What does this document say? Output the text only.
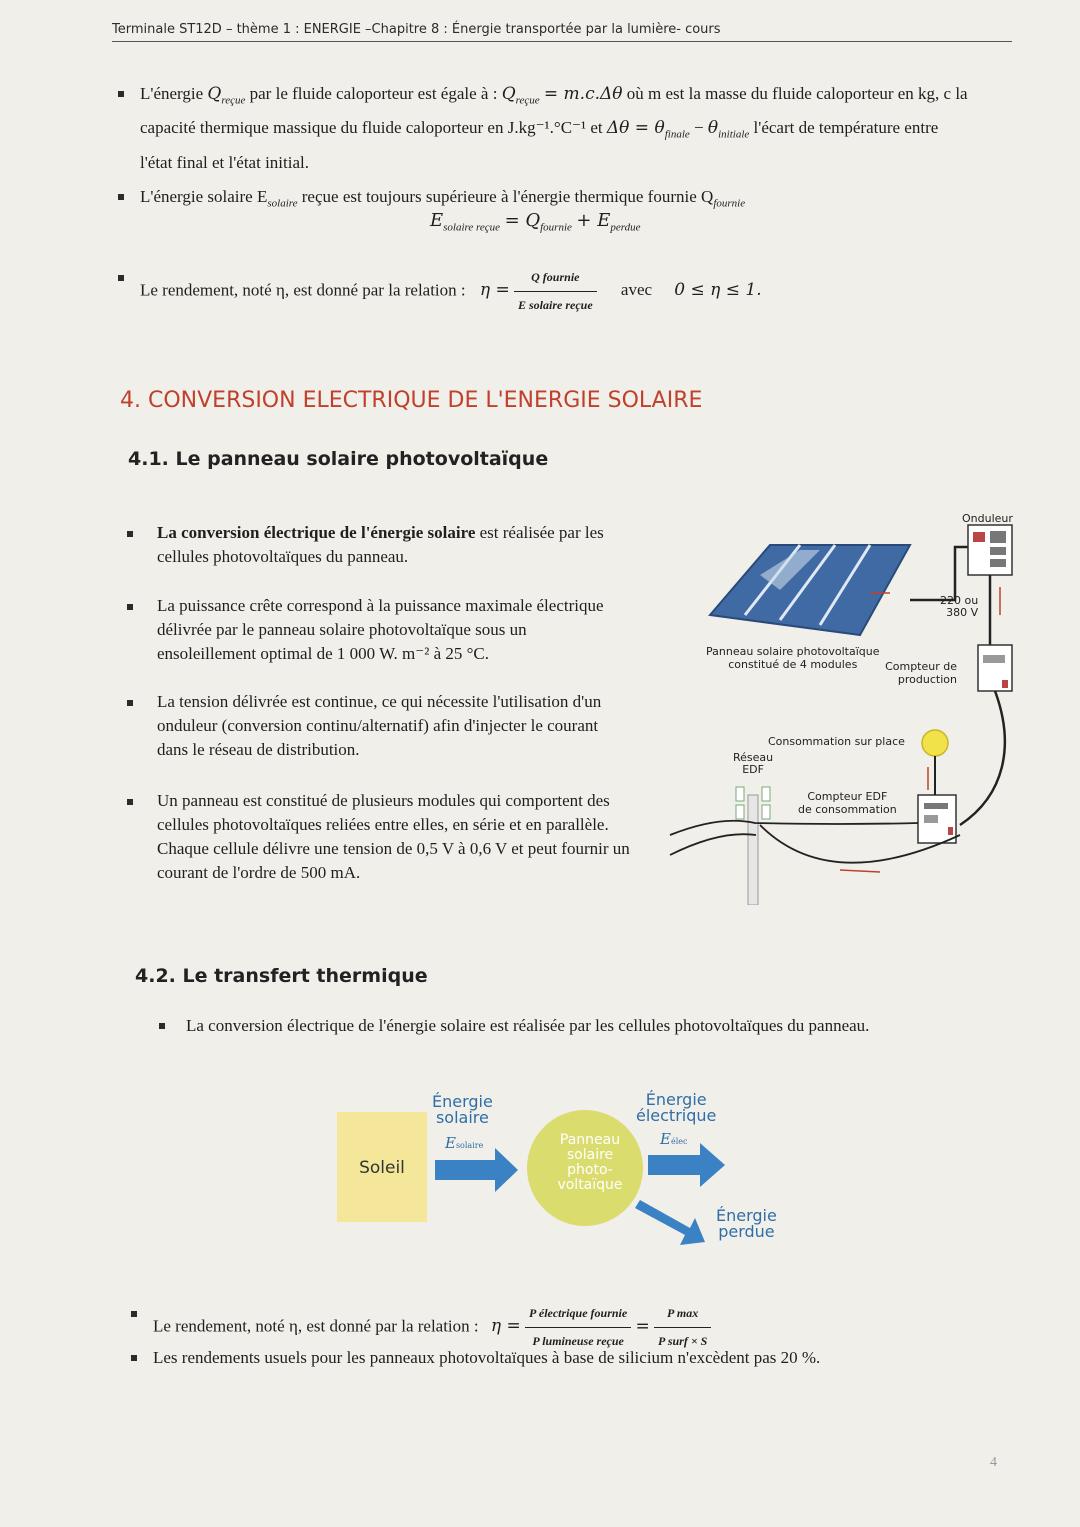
Terminale ST12D – thème 1 : ENERGIE –Chapitre 8 : Énergie transportée par la lumière- cours
L'énergie $Q_{reçue}$ par le fluide caloporteur est égale à : $Q_{reçue} = m.c.\Delta\theta$ où m est la masse du fluide caloporteur en kg, c la capacité thermique massique du fluide caloporteur en J.kg⁻¹.°C⁻¹ et $\Delta\theta = \theta_{finale} - \theta_{initiale}$ l'écart de température entre l'état final et l'état initial.
L'énergie solaire $E_{solaire}$ reçue est toujours supérieure à l'énergie thermique fournie $Q_{fournie}$
$E_{solaire reçue} = Q_{fournie} + E_{perdue}$
Le rendement, noté η, est donné par la relation : $\eta = \frac{\text{Q fournie}}{\text{E solaire reçue}}$ avec 0 ≤ η ≤ 1.
4. CONVERSION ELECTRIQUE DE L'ENERGIE SOLAIRE
4.1. Le panneau solaire photovoltaïque
La conversion électrique de l'énergie solaire est réalisée par les cellules photovoltaïques du panneau.
La puissance crête correspond à la puissance maximale électrique délivrée par le panneau solaire photovoltaïque sous un ensoleillement optimal de 1 000 W. m⁻² à 25 °C.
La tension délivrée est continue, ce qui nécessite l'utilisation d'un onduleur (conversion continu/alternatif) afin d'injecter le courant dans le réseau de distribution.
Un panneau est constitué de plusieurs modules qui comportent des cellules photovoltaïques reliées entre elles, en série et en parallèle. Chaque cellule délivre une tension de 0,5 V à 0,6 V et peut fournir un courant de l'ordre de 500 mA.
Onduleur
220 ou
380 V
Panneau solaire photovoltaïque
constitué de 4 modules	Compteur de
production
Consommation sur place
Réseau
EDF
Compteur EDF
de consommation
4.2. Le transfert thermique
La conversion électrique de l'énergie solaire est réalisée par les cellules photovoltaïques du panneau.
Soleil
Énergie
solaire
Esolaire	Panneau
solaire
photo-
voltaïque
Énergie
électrique
Eélec
Énergie
perdue
Le rendement, noté η, est donné par la relation : $\eta = \frac{\text{P électrique fournie}}{\text{P lumineuse reçue}} = \frac{\text{P max}}{\text{P surf × S}}$
Les rendements usuels pour les panneaux photovoltaïques à base de silicium n'excèdent pas 20 %.
4
